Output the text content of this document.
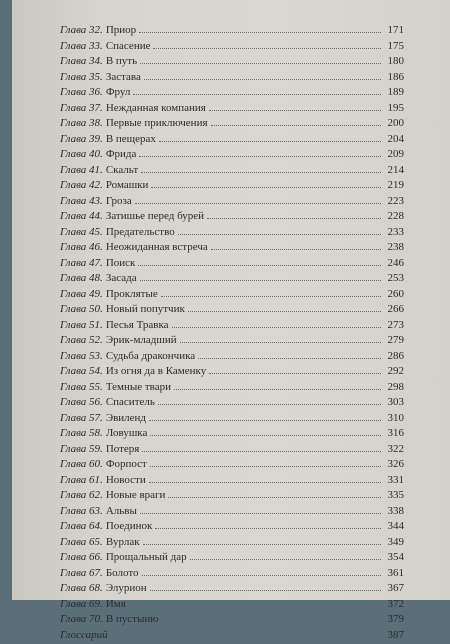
Глава 32. Приор	171
Глава 33. Спасение	175
Глава 34. В путь	180
Глава 35. Застава	186
Глава 36. Фрул	189
Глава 37. Нежданная компания	195
Глава 38. Первые приключения	200
Глава 39. В пещерах	204
Глава 40. Фрида	209
Глава 41. Скальт	214
Глава 42. Ромашки	219
Глава 43. Гроза	223
Глава 44. Затишье перед бурей	228
Глава 45. Предательство	233
Глава 46. Неожиданная встреча	238
Глава 47. Поиск	246
Глава 48. Засада	253
Глава 49. Проклятые	260
Глава 50. Новый попутчик	266
Глава 51. Песья Травка	273
Глава 52. Эрик-младший	279
Глава 53. Судьба дракончика	286
Глава 54. Из огня да в Каменку	292
Глава 55. Темные твари	298
Глава 56. Спаситель	303
Глава 57. Эвиленд	310
Глава 58. Ловушка	316
Глава 59. Потеря	322
Глава 60. Форпост	326
Глава 61. Новости	331
Глава 62. Новые враги	335
Глава 63. Альвы	338
Глава 64. Поединок	344
Глава 65. Вурлак	349
Глава 66. Прощальный дар	354
Глава 67. Болото	361
Глава 68. Элурион	367
Глава 69. Имя	372
Глава 70. В пустыню	379
Глоссарий	387
